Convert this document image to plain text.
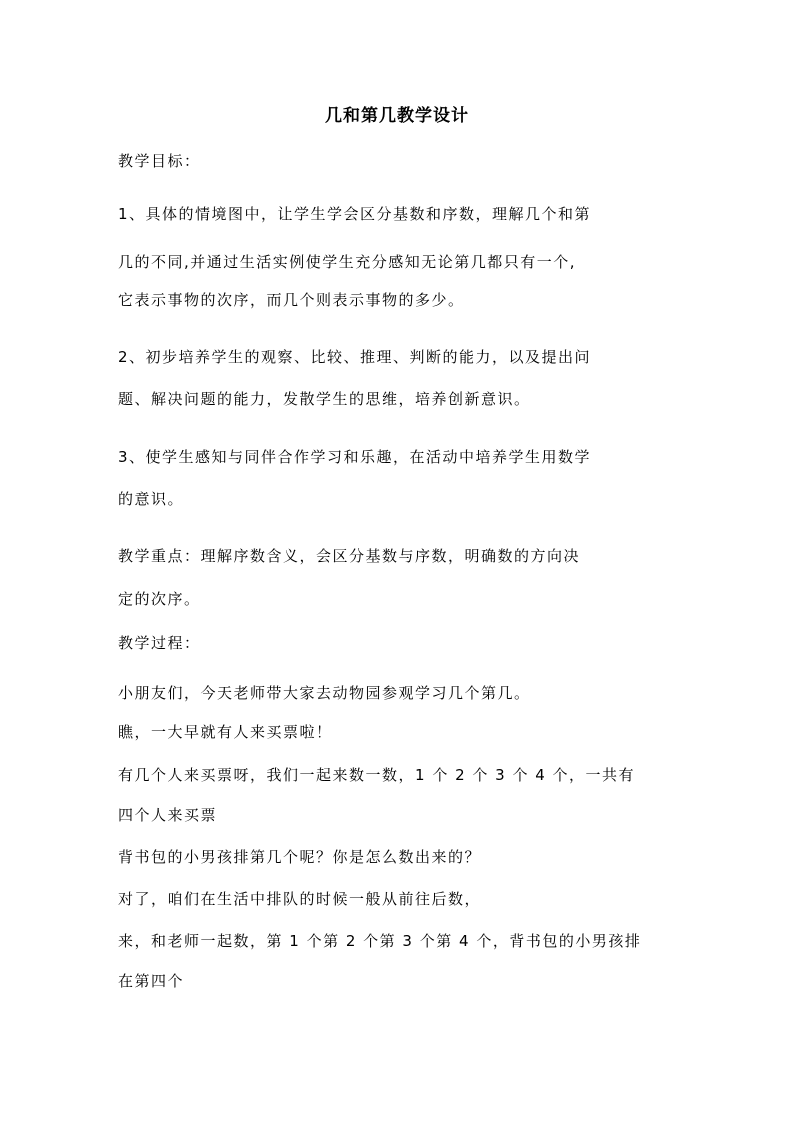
几和第几教学设计
教学目标：
1、具体的情境图中，让学生学会区分基数和序数，理解几个和第
几的不同,并通过生活实例使学生充分感知无论第几都只有一个,
它表示事物的次序，而几个则表示事物的多少。
2、初步培养学生的观察、比较、推理、判断的能力，以及提出问
题、解决问题的能力，发散学生的思维，培养创新意识。
3、使学生感知与同伴合作学习和乐趣，在活动中培养学生用数学
的意识。
教学重点：理解序数含义，会区分基数与序数，明确数的方向决
定的次序。
教学过程：
小朋友们，今天老师带大家去动物园参观学习几个第几。
瞧，一大早就有人来买票啦！
有几个人来买票呀，我们一起来数一数，1 个 2 个 3 个 4 个，一共有
四个人来买票
背书包的小男孩排第几个呢？你是怎么数出来的？
对了，咱们在生活中排队的时候一般从前往后数，
来，和老师一起数，第 1 个第 2 个第 3 个第 4 个，背书包的小男孩排
在第四个
